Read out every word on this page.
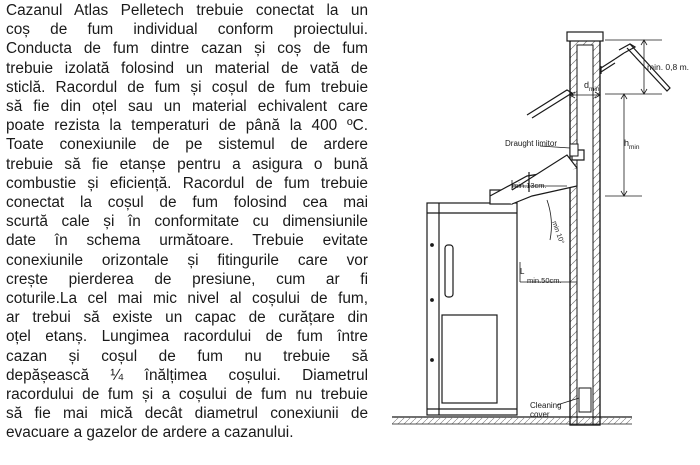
Cazanul Atlas Pelletech trebuie conectat la un
coș de fum individual conform proiectului.
Conducta de fum dintre cazan și coș de fum
trebuie izolată folosind un material de vată de
sticlă. Racordul de fum și coșul de fum trebuie
să fie din oțel sau un material echivalent care
poate rezista la temperaturi de până la 400 ºC.
Toate conexiunile de pe sistemul de ardere
trebuie să fie etanșe pentru a asigura o bună
combustie și eficiență. Racordul de fum trebuie
conectat la coșul de fum folosind cea mai
scurtă cale și în conformitate cu dimensiunile
date în schema următoare. Trebuie evitate
conexiunile orizontale și fitingurile care vor
crește pierderea de presiune, cum ar fi
coturile.La cel mai mic nivel al coșului de fum,
ar trebui să existe un capac de curățare din
oțel etanș. Lungimea racordului de fum între
cazan și coșul de fum nu trebuie să
depășească ¼ înălțimea coșului. Diametrul
racordului de fum și a coșului de fum nu trebuie
să fie mai mică decât diametrul conexiunii de
evacuare a gazelor de ardere a cazanului.
min. 0,8 m.
$d_{min}$
$h_{min}$
Draught limitor
min.13cm.
min 10°
L
min.50cm.
Cleaning
cover
